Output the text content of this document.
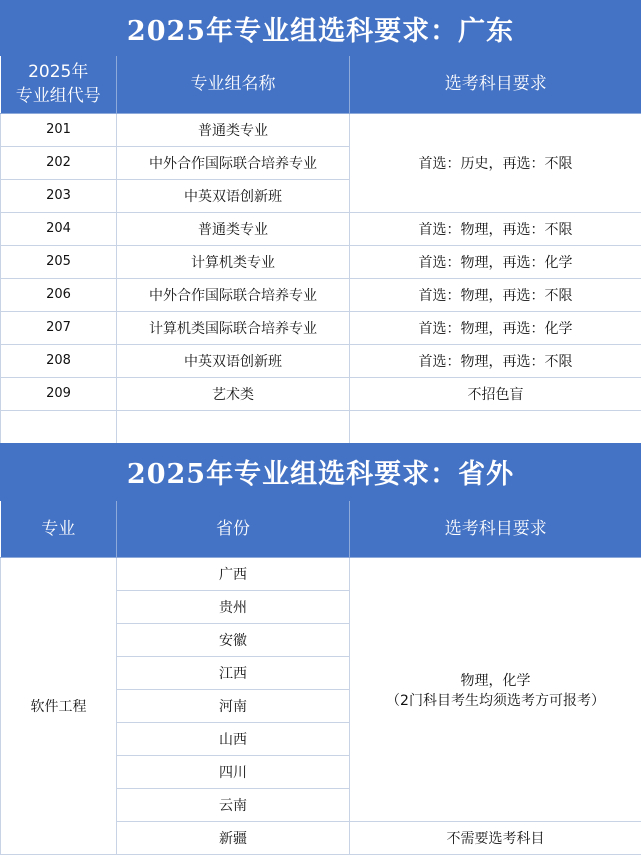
2025年专业组选科要求：广东
2025年
专业组代号	专业组名称	选考科目要求
201	普通类专业	首选：历史，再选：不限
202	中外合作国际联合培养专业	
203	中英双语创新班	
204	普通类专业	首选：物理，再选：不限
205	计算机类专业	首选：物理，再选：化学
206	中外合作国际联合培养专业	首选：物理，再选：不限
207	计算机类国际联合培养专业	首选：物理，再选：化学
208	中英双语创新班	首选：物理，再选：不限
209	艺术类	不招色盲

2025年专业组选科要求：省外
专业	省份	选考科目要求
软件工程	广西	物理，化学
（2门科目考生均须选考方可报考）

	贵州	
	安徽	
	江西	
	河南	
	山西	
	四川	
	云南	
	新疆	不需要选考科目
